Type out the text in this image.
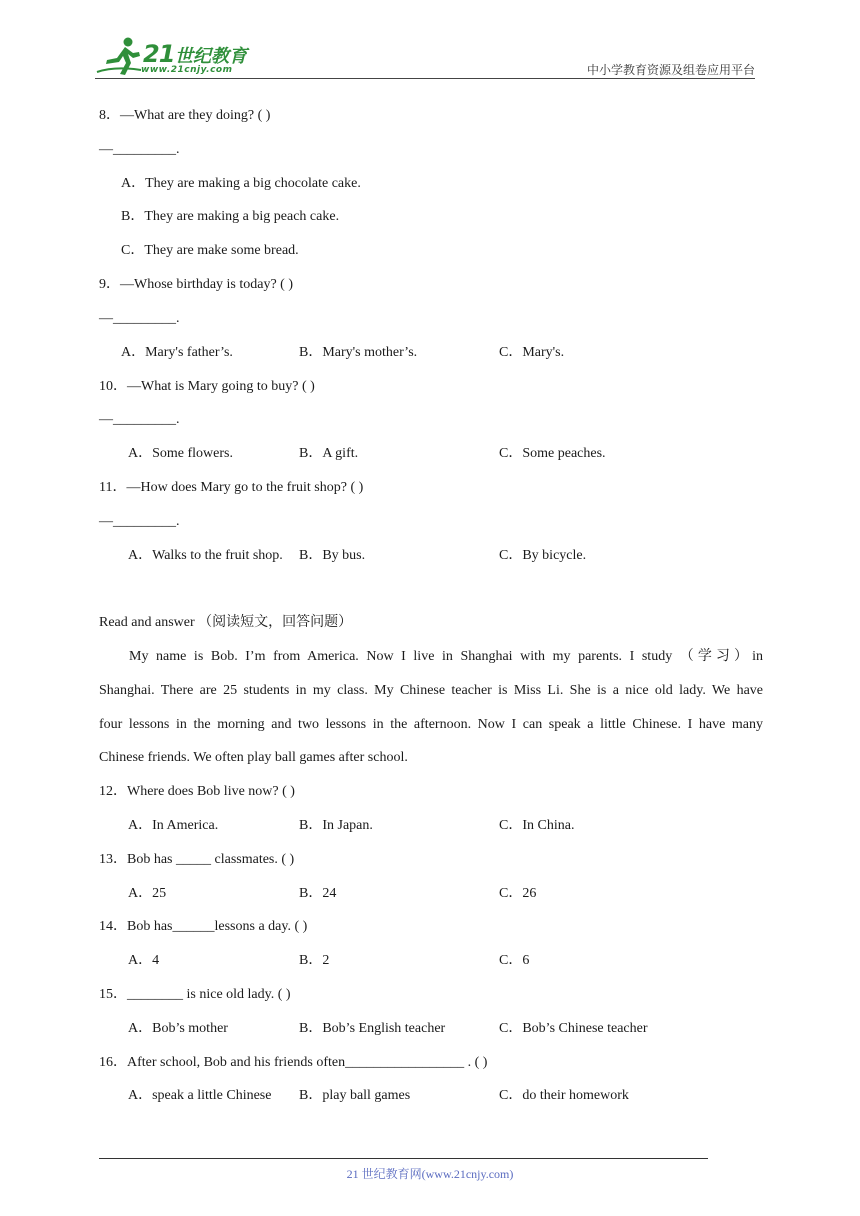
21 世纪教育
www.21cnjy.com	中小学教育资源及组卷应用平台
8．—What are they doing? ( )
—_________.
A．They are making a big chocolate cake.
B．They are making a big peach cake.
C．They are make some bread.
9．—Whose birthday is today? ( )
—_________.
A．Mary's father’s.	B．Mary's mother’s.	C．Mary's.
10．—What is Mary going to buy? ( )
—_________.
A．Some flowers.	B．A gift.	C．Some peaches.
11．—How does Mary go to the fruit shop? ( )
—_________.
A．Walks to the fruit shop. B．By bus.	C．By bicycle.
Read and answer （阅读短文，回答问题）
My name is Bob. I’m from America. Now I live in Shanghai with my parents. I study （学习）in
Shanghai. There are 25 students in my class. My Chinese teacher is Miss Li. She is a nice old lady. We have
four lessons in the morning and two lessons in the afternoon. Now I can speak a little Chinese. I have many
Chinese friends. We often play ball games after school.
12．Where does Bob live now? ( )
A．In America.	B．In Japan.	C．In China.
13．Bob has _____ classmates. ( )
A．25	B．24	C．26
14．Bob has______lessons a day. ( )
A．4	B．2	C．6
15．________ is nice old lady. ( )
A．Bob’s mother	B．Bob’s English teacher	C．Bob’s Chinese teacher
16．After school, Bob and his friends often_________________ . ( )
A．speak a little Chinese B．play ball games	C．do their homework
21 世纪教育网(www.21cnjy.com)
